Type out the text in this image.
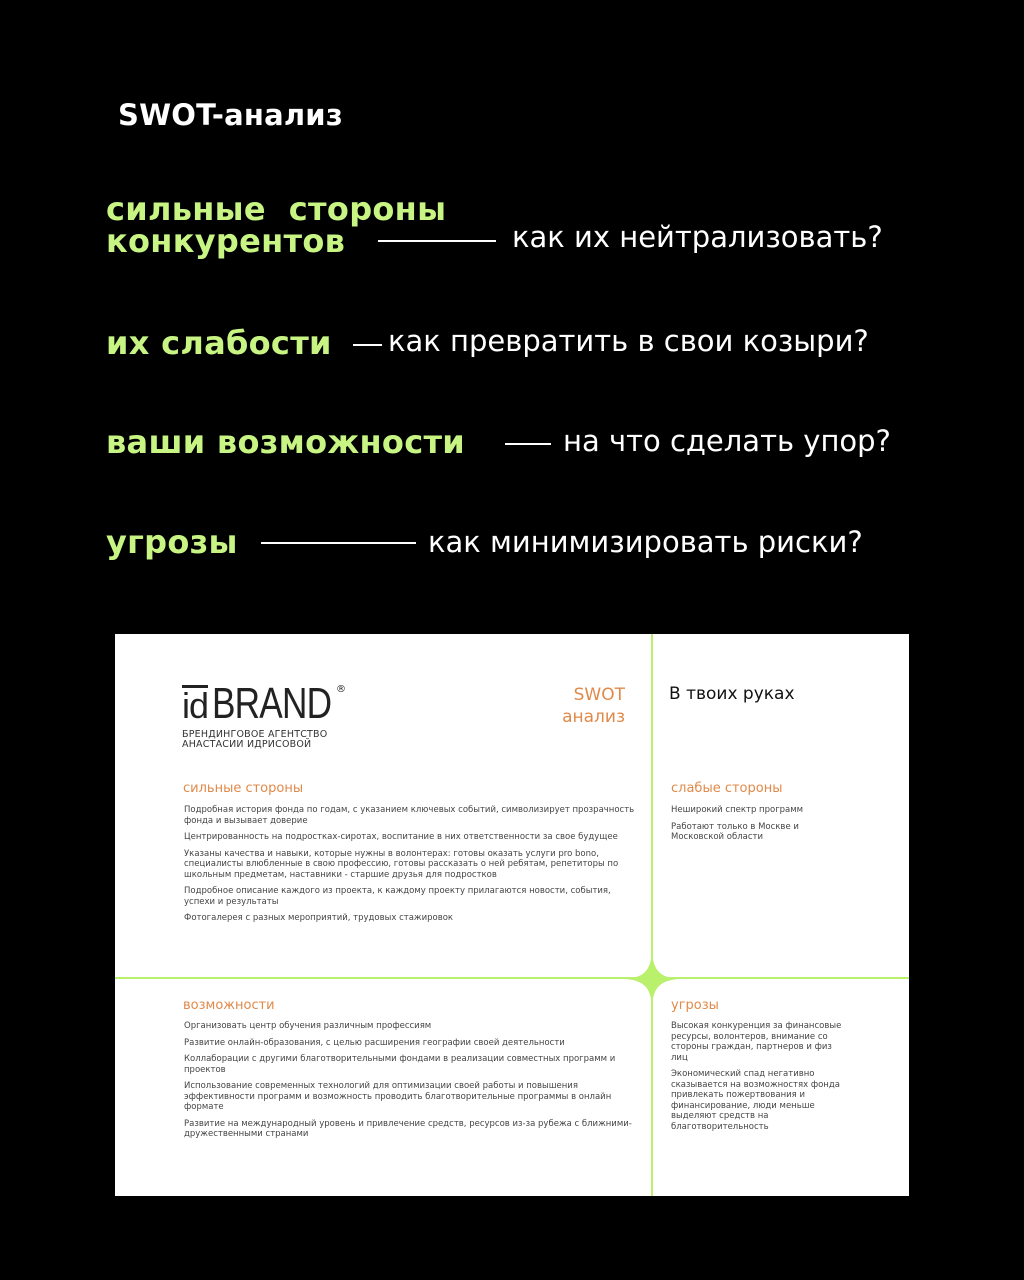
SWOT-анализ
сильные  стороны
конкурентов	как их нейтрализовать?
их слабости как превратить в свои козыри?
ваши возможности	на что сделать упор?
угрозы	как минимизировать риски?
id BRAND ®
БРЕНДИНГОВОЕ АГЕНТСТВО
АНАСТАСИИ ИДРИСОВОЙ
SWOT
анализ
В твоих руках
сильные стороны
Подробная история фонда по годам, с указанием ключевых событий, символизирует прозрачность фонда и вызывает доверие
Центрированность на подростках-сиротах, воспитание в них ответственности за свое будущее
Указаны качества и навыки, которые нужны в волонтерах: готовы оказать услуги pro bono, специалисты влюбленные в свою профессию, готовы рассказать о ней ребятам, репетиторы по школьным предметам, наставники - старшие друзья для подростков
Подробное описание каждого из проекта, к каждому проекту прилагаются новости, события, успехи и результаты
Фотогалерея с разных мероприятий, трудовых стажировок
слабые стороны
Неширокий спектр программ
Работают только в Москве и Московской области
возможности
Организовать центр обучения различным профессиям
Развитие онлайн-образования, с целью расширения географии своей деятельности
Коллаборации с другими благотворительными фондами в реализации совместных программ и проектов
Использование современных технологий для оптимизации своей работы и повышения эффективности программ и возможность проводить благотворительные программы в онлайн формате
Развитие на международный уровень и привлечение средств, ресурсов из-за рубежа с ближними-дружественными странами
угрозы
Высокая конкуренция за финансовые ресурсы, волонтеров, внимание со стороны граждан, партнеров и физ лиц
Экономический спад негативно сказывается на возможностях фонда привлекать пожертвования и финансирование, люди меньше выделяют средств на благотворительность
